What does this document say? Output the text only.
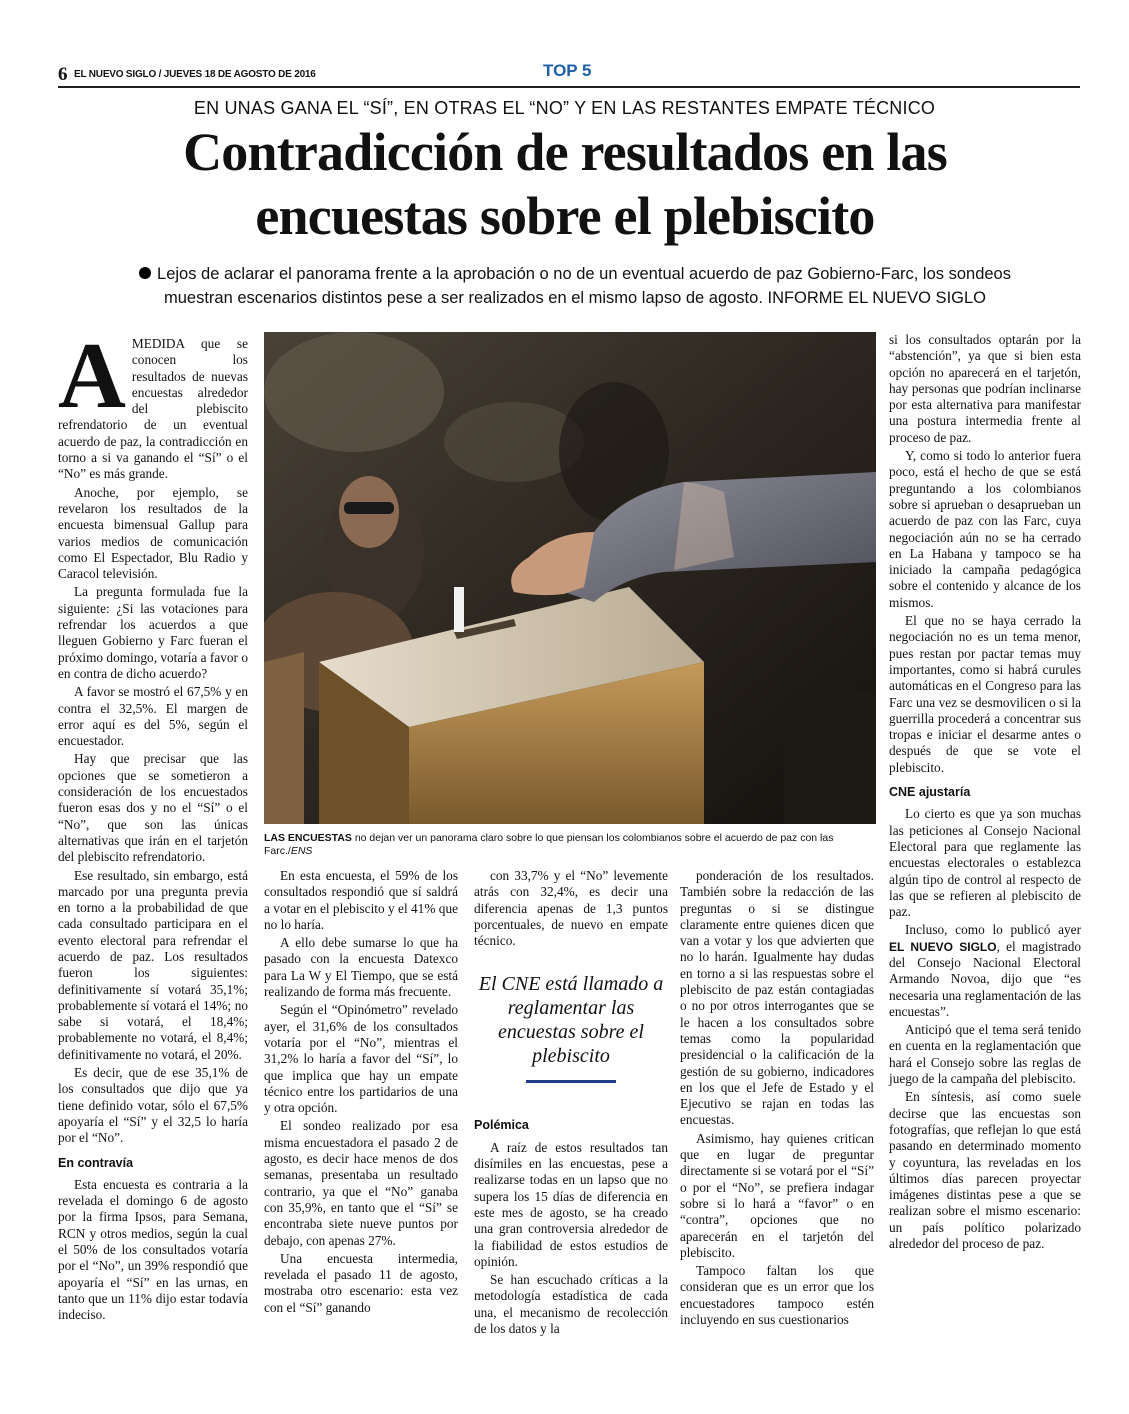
6 EL NUEVO SIGLO / JUEVES 18 DE AGOSTO DE 2016	TOP 5
EN UNAS GANA EL “SÍ”, EN OTRAS EL “NO” Y EN LAS RESTANTES EMPATE TÉCNICO
Contradicción de resultados en las
encuestas sobre el plebiscito
Lejos de aclarar el panorama frente a la aprobación o no de un eventual acuerdo de paz Gobierno-Farc, los sondeos
muestran escenarios distintos pese a ser realizados en el mismo lapso de agosto. INFORME EL NUEVO SIGLO

AMEDIDA que se conocen los resultados de nuevas encuestas alrededor del plebiscito refrendatorio de un eventual acuerdo de paz, la contradicción en torno a si va ganando el “Sí” o el “No” es más grande.

Anoche, por ejemplo, se revelaron los resultados de la encuesta bimensual Gallup para varios medios de comunicación como El Espectador, Blu Radio y Caracol televisión.

La pregunta formulada fue la siguiente: ¿Si las votaciones para refrendar los acuerdos a que lleguen Gobierno y Farc fueran el próximo domingo, votaría a favor o en contra de dicho acuerdo?

A favor se mostró el 67,5% y en contra el 32,5%. El margen de error aquí es del 5%, según el encuestador.

Hay que precisar que las opciones que se sometieron a consideración de los encuestados fueron esas dos y no el “Sí” o el “No”, que son las únicas alternativas que irán en el tarjetón del plebiscito refrendatorio.

Ese resultado, sin embargo, está marcado por una pregunta previa en torno a la probabilidad de que cada consultado participara en el evento electoral para refrendar el acuerdo de paz. Los resultados fueron los siguientes: definitivamente sí votará 35,1%; probablemente sí votará el 14%; no sabe si votará, el 18,4%; probablemente no votará, el 8,4%; definitivamente no votará, el 20%.

Es decir, que de ese 35,1% de los consultados que dijo que ya tiene definido votar, sólo el 67,5% apoyaría el “Sí” y el 32,5 lo haría por el “No”.

En contravía

Esta encuesta es contraria a la revelada el domingo 6 de agosto por la firma Ipsos, para Semana, RCN y otros medios, según la cual el 50% de los consultados votaría por el “No”, un 39% respondió que apoyaría el “Sí” en las urnas, en tanto que un 11% dijo estar todavía indeciso.

LAS ENCUESTAS no dejan ver un panorama claro sobre lo que piensan los colombianos sobre el acuerdo de paz con las Farc./ENS

En esta encuesta, el 59% de los consultados respondió que sí saldrá a votar en el plebiscito y el 41% que no lo haría.

A ello debe sumarse lo que ha pasado con la encuesta Datexco para La W y El Tiempo, que se está realizando de forma más frecuente.

Según el “Opinómetro” revelado ayer, el 31,6% de los consultados votaría por el “No”, mientras el 31,2% lo haría a favor del “Sí”, lo que implica que hay un empate técnico entre los partidarios de una y otra opción.

El sondeo realizado por esa misma encuestadora el pasado 2 de agosto, es decir hace menos de dos semanas, presentaba un resultado contrario, ya que el “No” ganaba con 35,9%, en tanto que el “Sí” se encontraba siete nueve puntos por debajo, con apenas 27%.

Una encuesta intermedia, revelada el pasado 11 de agosto, mostraba otro escenario: esta vez con el “Sí” ganando

con 33,7% y el “No” levemente atrás con 32,4%, es decir una diferencia apenas de 1,3 puntos porcentuales, de nuevo en empate técnico.

Polémica

A raíz de estos resultados tan disímiles en las encuestas, pese a realizarse todas en un lapso que no supera los 15 días de diferencia en este mes de agosto, se ha creado una gran controversia alrededor de la fiabilidad de estos estudios de opinión.

Se han escuchado críticas a la metodología estadística de cada una, el mecanismo de recolección de los datos y la

El CNE está llamado a reglamentar las encuestas sobre el plebiscito

ponderación de los resultados. También sobre la redacción de las preguntas o si se distingue claramente entre quienes dicen que van a votar y los que advierten que no lo harán. Igualmente hay dudas en torno a si las respuestas sobre el plebiscito de paz están contagiadas o no por otros interrogantes que se le hacen a los consultados sobre temas como la popularidad presidencial o la calificación de la gestión de su gobierno, indicadores en los que el Jefe de Estado y el Ejecutivo se rajan en todas las encuestas.

Asimismo, hay quienes critican que en lugar de preguntar directamente si se votará por el “Sí” o por el “No”, se prefiera indagar sobre si lo hará a “favor” o en “contra”, opciones que no aparecerán en el tarjetón del plebiscito.

Tampoco faltan los que consideran que es un error que los encuestadores tampoco estén incluyendo en sus cuestionarios

si los consultados optarán por la “abstención”, ya que si bien esta opción no aparecerá en el tarjetón, hay personas que podrían inclinarse por esta alternativa para manifestar una postura intermedia frente al proceso de paz.

Y, como si todo lo anterior fuera poco, está el hecho de que se está preguntando a los colombianos sobre si aprueban o desaprueban un acuerdo de paz con las Farc, cuya negociación aún no se ha cerrado en La Habana y tampoco se ha iniciado la campaña pedagógica sobre el contenido y alcance de los mismos.

El que no se haya cerrado la negociación no es un tema menor, pues restan por pactar temas muy importantes, como si habrá curules automáticas en el Congreso para las Farc una vez se desmovilicen o si la guerrilla procederá a concentrar sus tropas e iniciar el desarme antes o después de que se vote el plebiscito.

CNE ajustaría

Lo cierto es que ya son muchas las peticiones al Consejo Nacional Electoral para que reglamente las encuestas electorales o establezca algún tipo de control al respecto de las que se refieren al plebiscito de paz.

Incluso, como lo publicó ayer EL NUEVO SIGLO, el magistrado del Consejo Nacional Electoral Armando Novoa, dijo que “es necesaria una reglamentación de las encuestas”.

Anticipó que el tema será tenido en cuenta en la reglamentación que hará el Consejo sobre las reglas de juego de la campaña del plebiscito.

En síntesis, así como suele decirse que las encuestas son fotografías, que reflejan lo que está pasando en determinado momento y coyuntura, las reveladas en los últimos días parecen proyectar imágenes distintas pese a que se realizan sobre el mismo escenario: un país político polarizado alrededor del proceso de paz.
